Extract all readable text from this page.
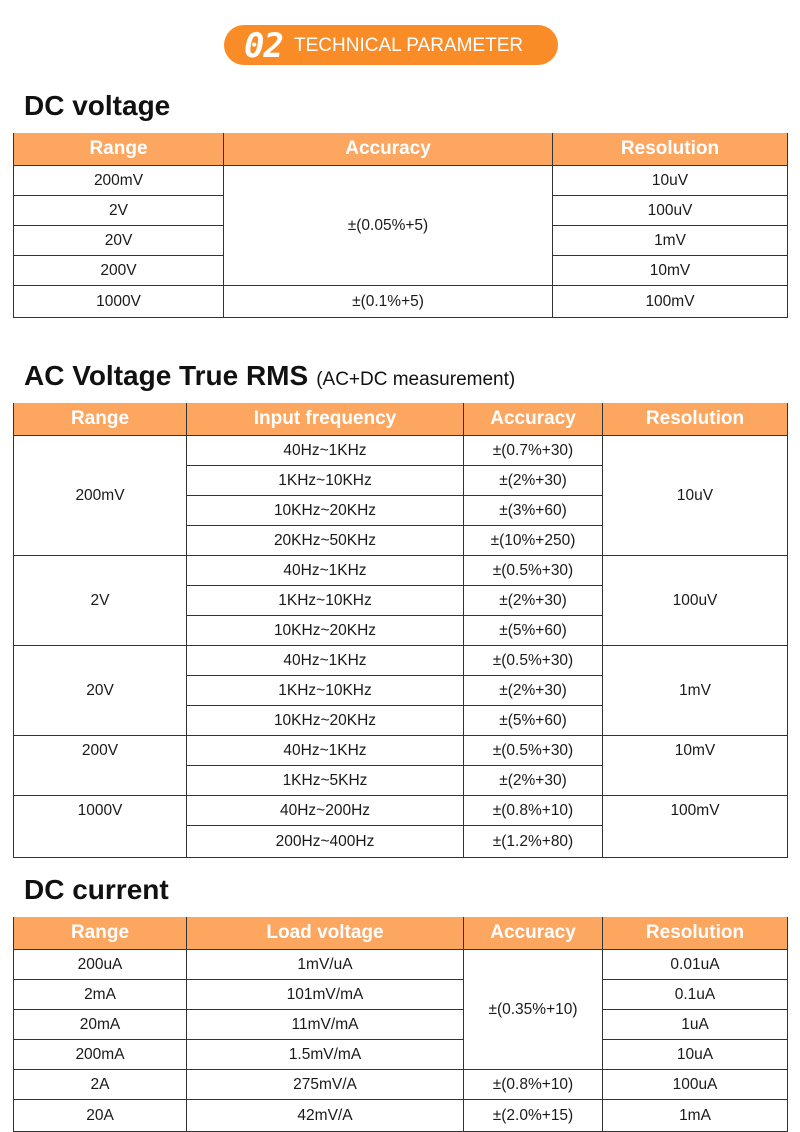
02 TECHNICAL PARAMETER
DC voltage
Range	Accuracy	Resolution
200mV	±(0.05%+5)	10uV
2V		100uV
20V		1mV
200V		10mV
1000V	±(0.1%+5)	100mV
AC Voltage True RMS (AC+DC measurement)
Range	Input frequency	Accuracy	Resolution
200mV	40Hz~1KHz	±(0.7%+30)	10uV
	1KHz~10KHz	±(2%+30)	
	10KHz~20KHz	±(3%+60)	
	20KHz~50KHz	±(10%+250)	
2V	40Hz~1KHz	±(0.5%+30)	100uV
	1KHz~10KHz	±(2%+30)	
	10KHz~20KHz	±(5%+60)	
20V	40Hz~1KHz	±(0.5%+30)	1mV
	1KHz~10KHz	±(2%+30)	
	10KHz~20KHz	±(5%+60)	
200V	40Hz~1KHz	±(0.5%+30)	10mV
	1KHz~5KHz	±(2%+30)	
1000V	40Hz~200Hz	±(0.8%+10)	100mV
	200Hz~400Hz	±(1.2%+80)	
DC current
Range	Load voltage	Accuracy	Resolution
200uA	1mV/uA	±(0.35%+10)	0.01uA
2mA	101mV/mA		0.1uA
20mA	11mV/mA		1uA
200mA	1.5mV/mA		10uA
2A	275mV/A	±(0.8%+10)	100uA
20A	42mV/A	±(2.0%+15)	1mA
